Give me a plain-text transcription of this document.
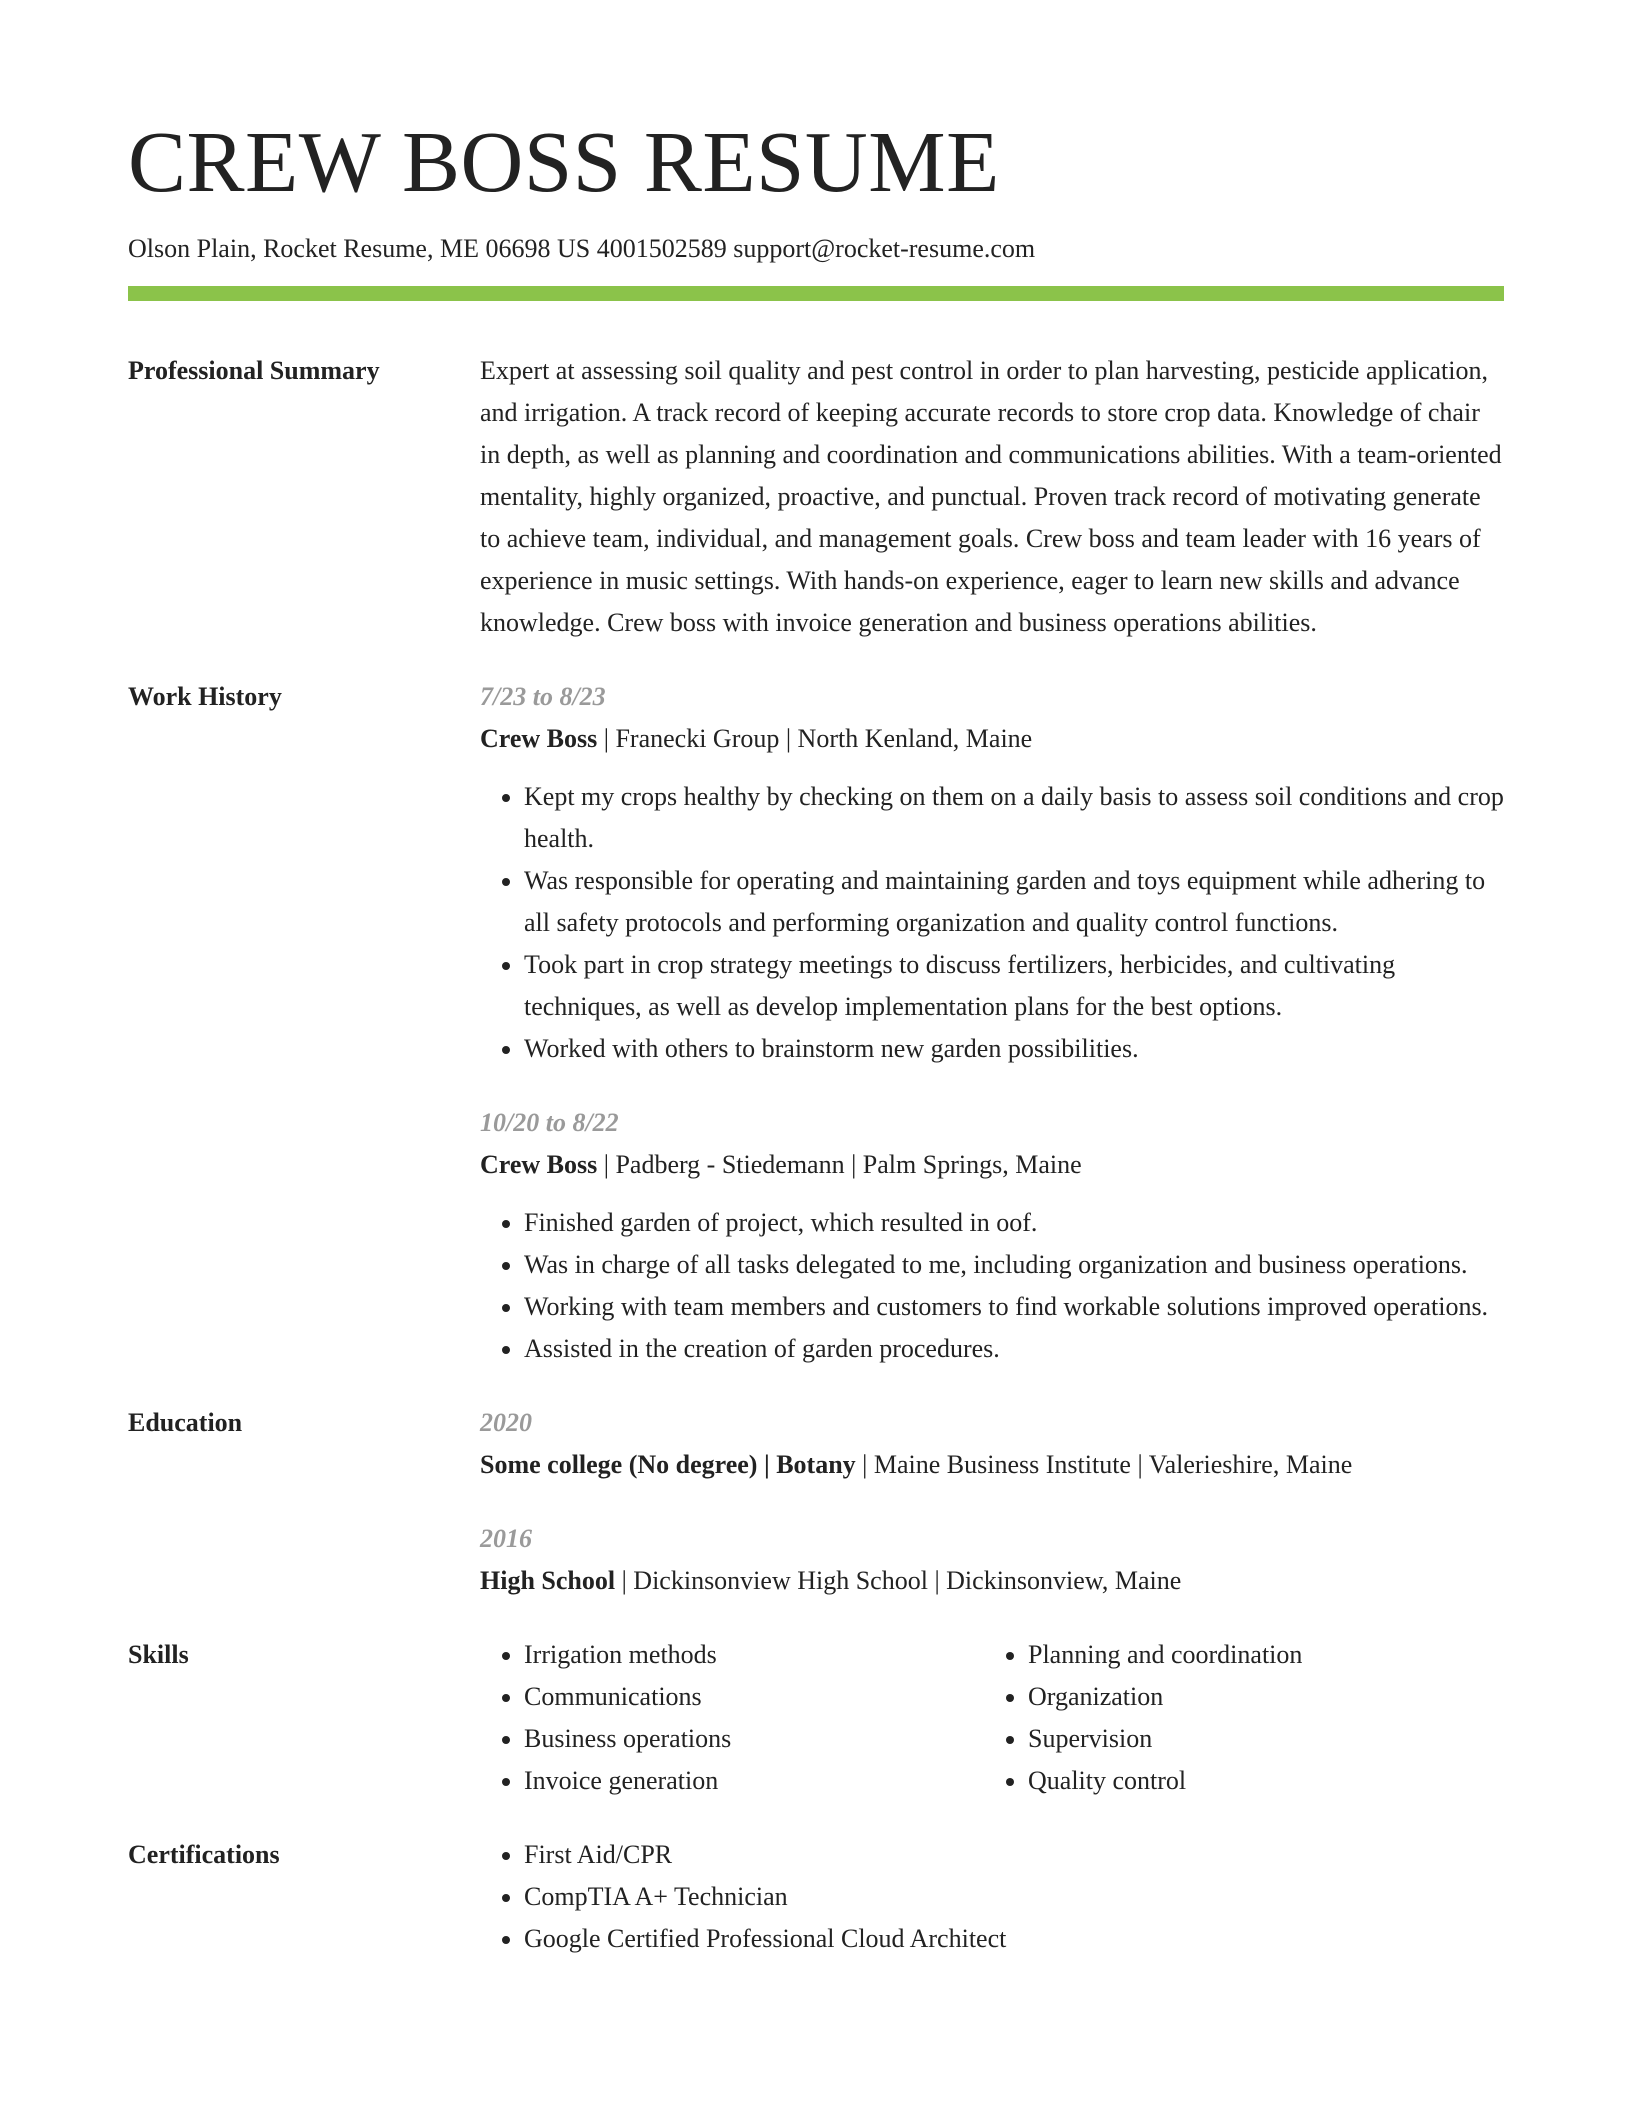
CREW BOSS RESUME
Olson Plain, Rocket Resume, ME 06698 US 4001502589 support@rocket-resume.com
Professional Summary	Expert at assessing soil quality and pest control in order to plan harvesting, pesticide application, and irrigation. A track record of keeping accurate records to store crop data. Knowledge of chair in depth, as well as planning and coordination and communications abilities. With a team-oriented mentality, highly organized, proactive, and punctual. Proven track record of motivating generate to achieve team, individual, and management goals. Crew boss and team leader with 16 years of experience in music settings. With hands-on experience, eager to learn new skills and advance knowledge. Crew boss with invoice generation and business operations abilities.

Work History	7/23 to 8/23
Crew Boss | Franecki Group | North Kenland, Maine
• Kept my crops healthy by checking on them on a daily basis to assess soil conditions and crop health.
• Was responsible for operating and maintaining garden and toys equipment while adhering to all safety protocols and performing organization and quality control functions.
• Took part in crop strategy meetings to discuss fertilizers, herbicides, and cultivating techniques, as well as develop implementation plans for the best options.
• Worked with others to brainstorm new garden possibilities.
10/20 to 8/22
Crew Boss | Padberg - Stiedemann | Palm Springs, Maine
• Finished garden of project, which resulted in oof.
• Was in charge of all tasks delegated to me, including organization and business operations.
• Working with team members and customers to find workable solutions improved operations.
• Assisted in the creation of garden procedures.
Education	2020
Some college (No degree) | Botany | Maine Business Institute | Valerieshire, Maine
2016
High School | Dickinsonview High School | Dickinsonview, Maine
Skills	• Irrigation methods
• Communications
• Business operations
• Invoice generation
• Planning and coordination
• Organization
• Supervision
• Quality control
Certifications	• First Aid/CPR
• CompTIA A+ Technician
• Google Certified Professional Cloud Architect
